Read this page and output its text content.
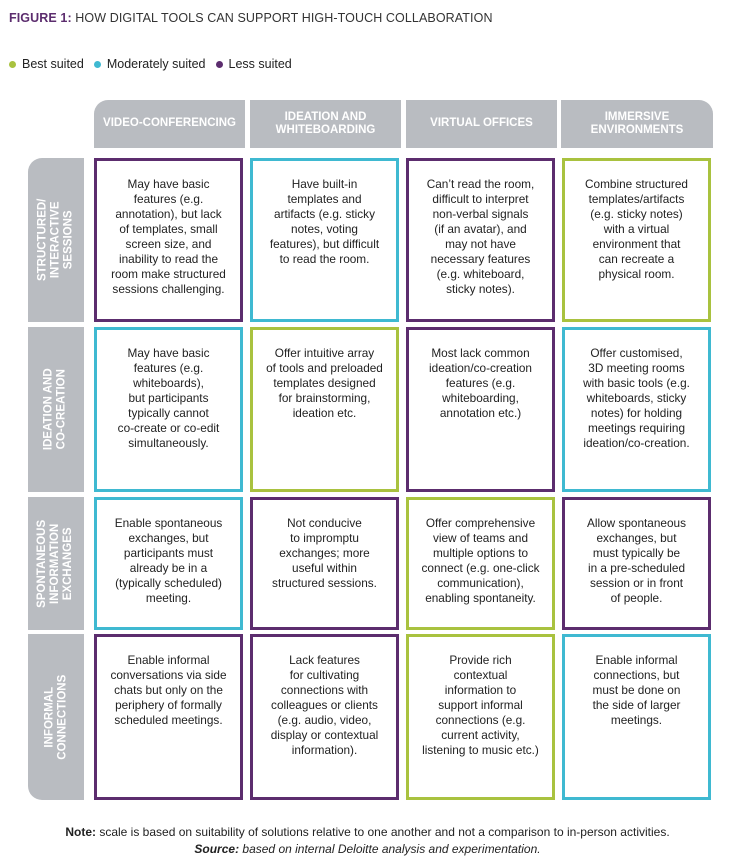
FIGURE 1: HOW DIGITAL TOOLS CAN SUPPORT HIGH-TOUCH COLLABORATION
Best suited Moderately suited Less suited
VIDEO-CONFERENCING
IDEATION AND
WHITEBOARDING
VIRTUAL OFFICES
IMMERSIVE
ENVIRONMENTS
STRUCTURED/
INTERACTIVE
SESSIONS
IDEATION AND
CO-CREATION
SPONTANEOUS
INFORMATION
EXCHANGES
INFORMAL
CONNECTIONS
May have basic
features (e.g.
annotation), but lack
of templates, small
screen size, and
inability to read the
room make structured
sessions challenging.
Have built-in
templates and
artifacts (e.g. sticky
notes, voting
features), but difficult
to read the room.
Can’t read the room,
difficult to interpret
non-verbal signals
(if an avatar), and
may not have
necessary features
(e.g. whiteboard,
sticky notes).
Combine structured
templates/artifacts
(e.g. sticky notes)
with a virtual
environment that
can recreate a
physical room.
May have basic
features (e.g.
whiteboards),
but participants
typically cannot
co-create or co-edit
simultaneously.
Offer intuitive array
of tools and preloaded
templates designed
for brainstorming,
ideation etc.
Most lack common
ideation/co-creation
features (e.g.
whiteboarding,
annotation etc.)
Offer customised,
3D meeting rooms
with basic tools (e.g.
whiteboards, sticky
notes) for holding
meetings requiring
ideation/co-creation.
Enable spontaneous
exchanges, but
participants must
already be in a
(typically scheduled)
meeting.
Not conducive
to impromptu
exchanges; more
useful within
structured sessions.
Offer comprehensive
view of teams and
multiple options to
connect (e.g. one-click
communication),
enabling spontaneity.
Allow spontaneous
exchanges, but
must typically be
in a pre-scheduled
session or in front
of people.
Enable informal
conversations via side
chats but only on the
periphery of formally
scheduled meetings.
Lack features
for cultivating
connections with
colleagues or clients
(e.g. audio, video,
display or contextual
information).
Provide rich
contextual
information to
support informal
connections (e.g.
current activity,
listening to music etc.)
Enable informal
connections, but
must be done on
the side of larger
meetings.
Note: scale is based on suitability of solutions relative to one another and not a comparison to in-person activities.
Source: based on internal Deloitte analysis and experimentation.
